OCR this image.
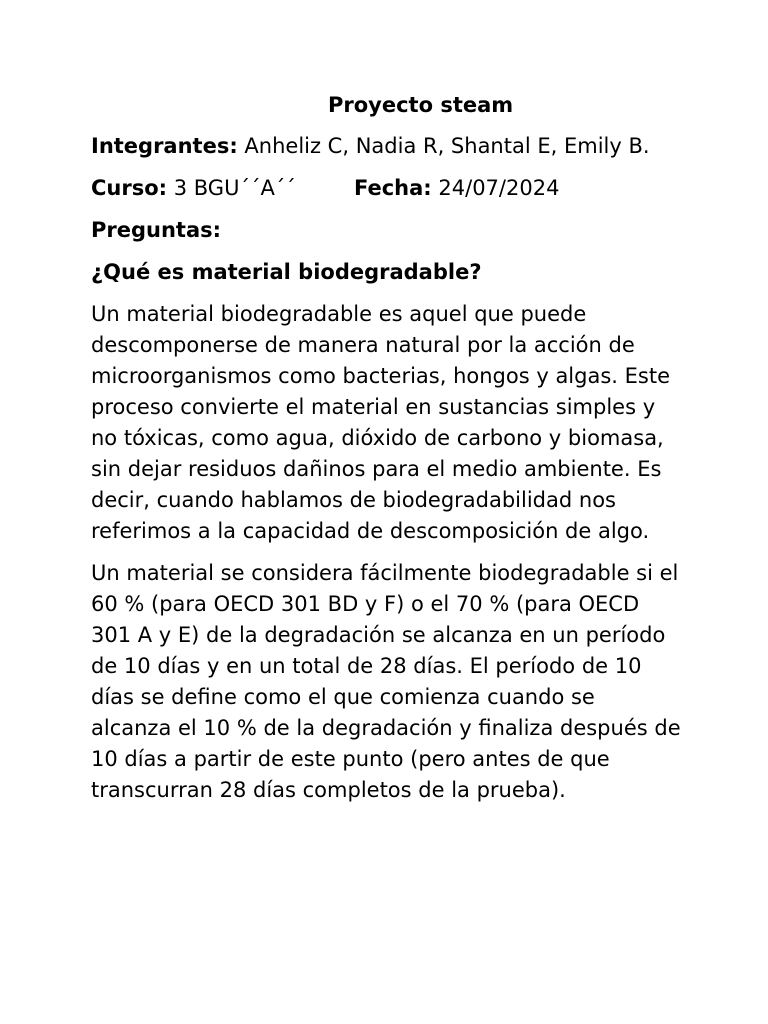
Proyecto steam
Integrantes: Anheliz C, Nadia R, Shantal E, Emily B.
Curso: 3 BGU´´A´´	Fecha: 24/07/2024
Preguntas:
¿Qué es material biodegradable?

Un material biodegradable es aquel que puede descomponerse de manera natural por la acción de microorganismos como bacterias, hongos y algas. Este proceso convierte el material en sustancias simples y no tóxicas, como agua, dióxido de carbono y biomasa, sin dejar residuos dañinos para el medio ambiente. Es decir, cuando hablamos de biodegradabilidad nos referimos a la capacidad de descomposición de algo.

Un material se considera fácilmente biodegradable si el 60 % (para OECD 301 BD y F) o el 70 % (para OECD 301 A y E) de la degradación se alcanza en un período de 10 días y en un total de 28 días. El período de 10 días se define como el que comienza cuando se alcanza el 10 % de la degradación y finaliza después de 10 días a partir de este punto (pero antes de que transcurran 28 días completos de la prueba).
